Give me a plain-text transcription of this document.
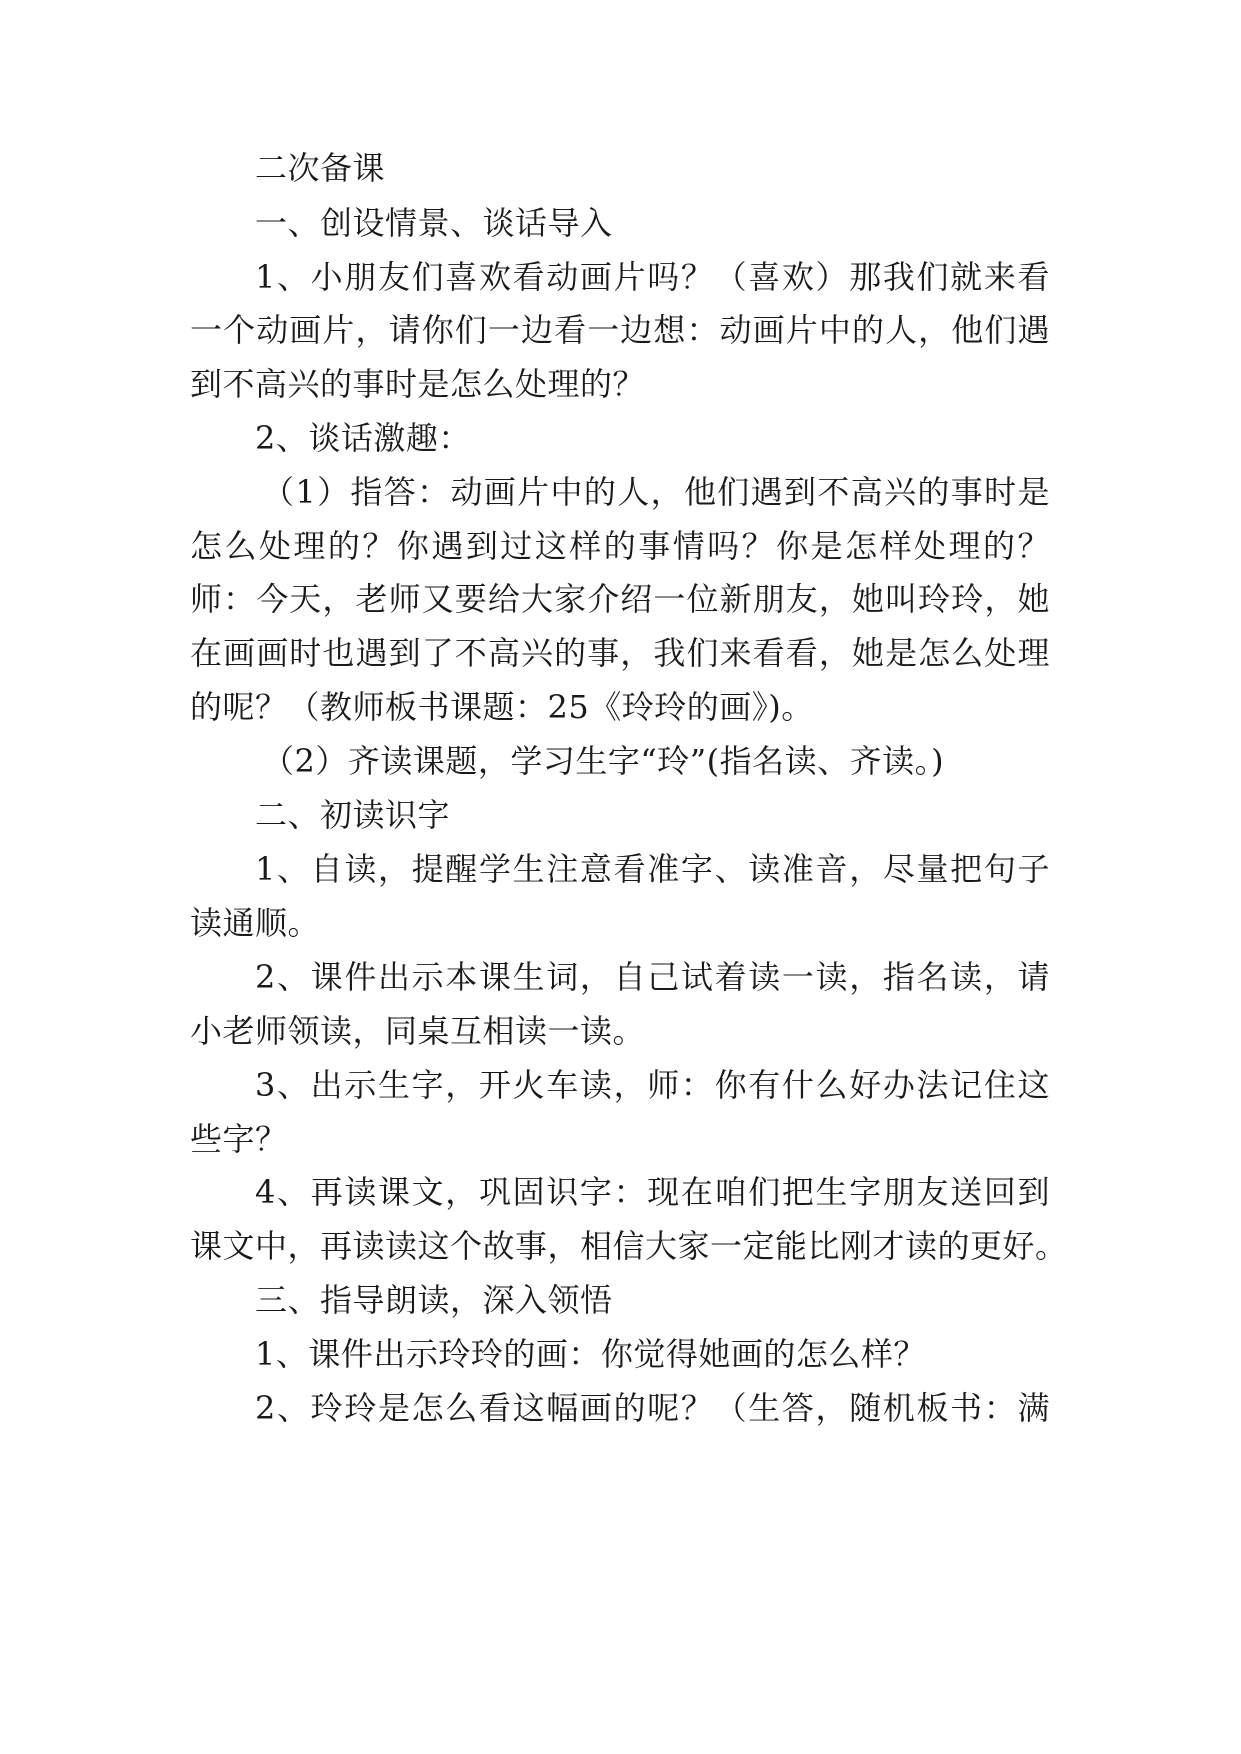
二次备课
一、创设情景、谈话导入
1、小朋友们喜欢看动画片吗？（喜欢）那我们就来看
一个动画片，请你们一边看一边想：动画片中的人，他们遇
到不高兴的事时是怎么处理的？
2、谈话激趣：
（1）指答：动画片中的人，他们遇到不高兴的事时是
怎么处理的？你遇到过这样的事情吗？你是怎样处理的？
师：今天，老师又要给大家介绍一位新朋友，她叫玲玲，她
在画画时也遇到了不高兴的事，我们来看看，她是怎么处理
的呢？（教师板书课题：25《玲玲的画》)。
（2）齐读课题，学习生字“玲”(指名读、齐读。)
二、初读识字
1、自读，提醒学生注意看准字、读准音，尽量把句子
读通顺。
2、课件出示本课生词，自己试着读一读，指名读，请
小老师领读，同桌互相读一读。
3、出示生字，开火车读，师：你有什么好办法记住这
些字？
4、再读课文，巩固识字：现在咱们把生字朋友送回到
课文中，再读读这个故事，相信大家一定能比刚才读的更好。
三、指导朗读，深入领悟
1、课件出示玲玲的画：你觉得她画的怎么样？
2、玲玲是怎么看这幅画的呢？（生答，随机板书：满
